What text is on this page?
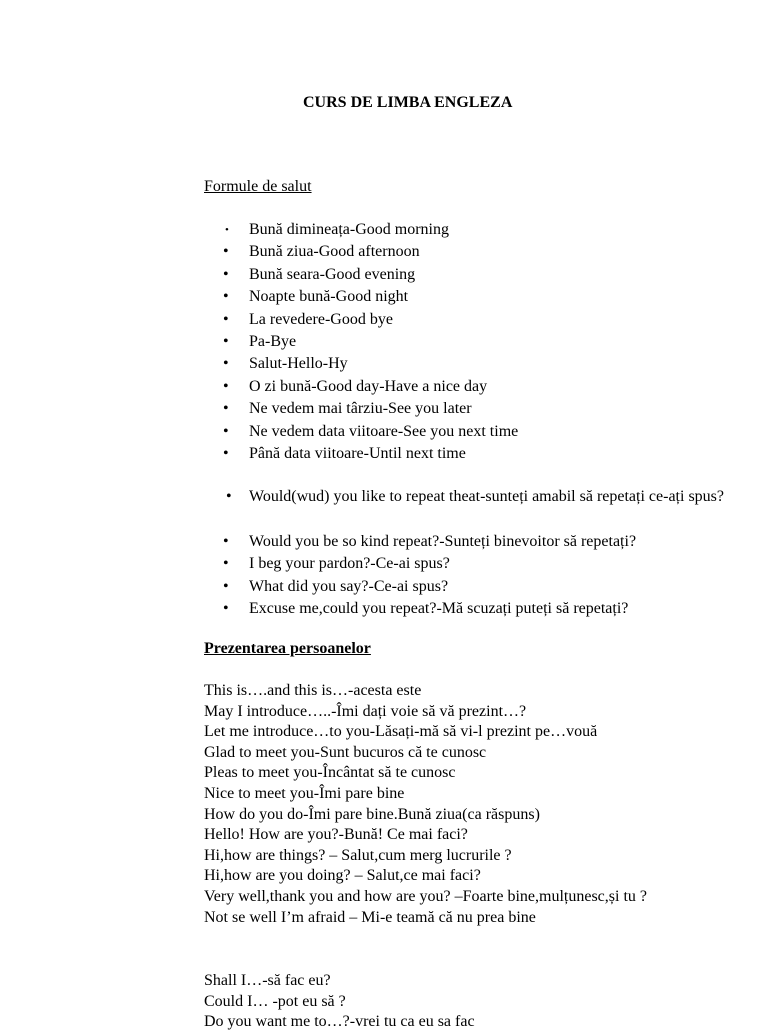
CURS DE LIMBA ENGLEZA
Formule de salut
• Bună dimineața-Good morning
• Bună ziua-Good afternoon
• Bună seara-Good evening
• Noapte bună-Good night
• La revedere-Good bye
• Pa-Bye
• Salut-Hello-Hy
• O zi bună-Good day-Have a nice day
• Ne vedem mai târziu-See you later
• Ne vedem data viitoare-See you next time
• Până data viitoare-Until next time
•	Would(wud) you like to repeat theat-sunteți amabil să repetați ce-ați spus?
• Would you be so kind repeat?-Sunteți binevoitor să repetați?
• I beg your pardon?-Ce-ai spus?
• What did you say?-Ce-ai spus?
• Excuse me,could you repeat?-Mă scuzați puteți să repetați?
Prezentarea persoanelor
This is….and this is…-acesta este
May I introduce…..-Îmi dați voie să vă prezint…?
Let me introduce…to you-Lăsați-mă să vi-l prezint pe…vouă
Glad to meet you-Sunt bucuros că te cunosc
Pleas to meet you-Încântat să te cunosc
Nice to meet you-Îmi pare bine
How do you do-Îmi pare bine.Bună ziua(ca răspuns)
Hello! How are you?-Bună! Ce mai faci?
Hi,how are things? – Salut,cum merg lucrurile ?
Hi,how are you doing? – Salut,ce mai faci?
Very well,thank you and how are you? –Foarte bine,mulțunesc,și tu ?
Not se well I’m afraid – Mi-e teamă că nu prea bine
Shall I…-să fac eu?
Could I… -pot eu să ?
Do you want me to…?-vrei tu ca eu sa fac
